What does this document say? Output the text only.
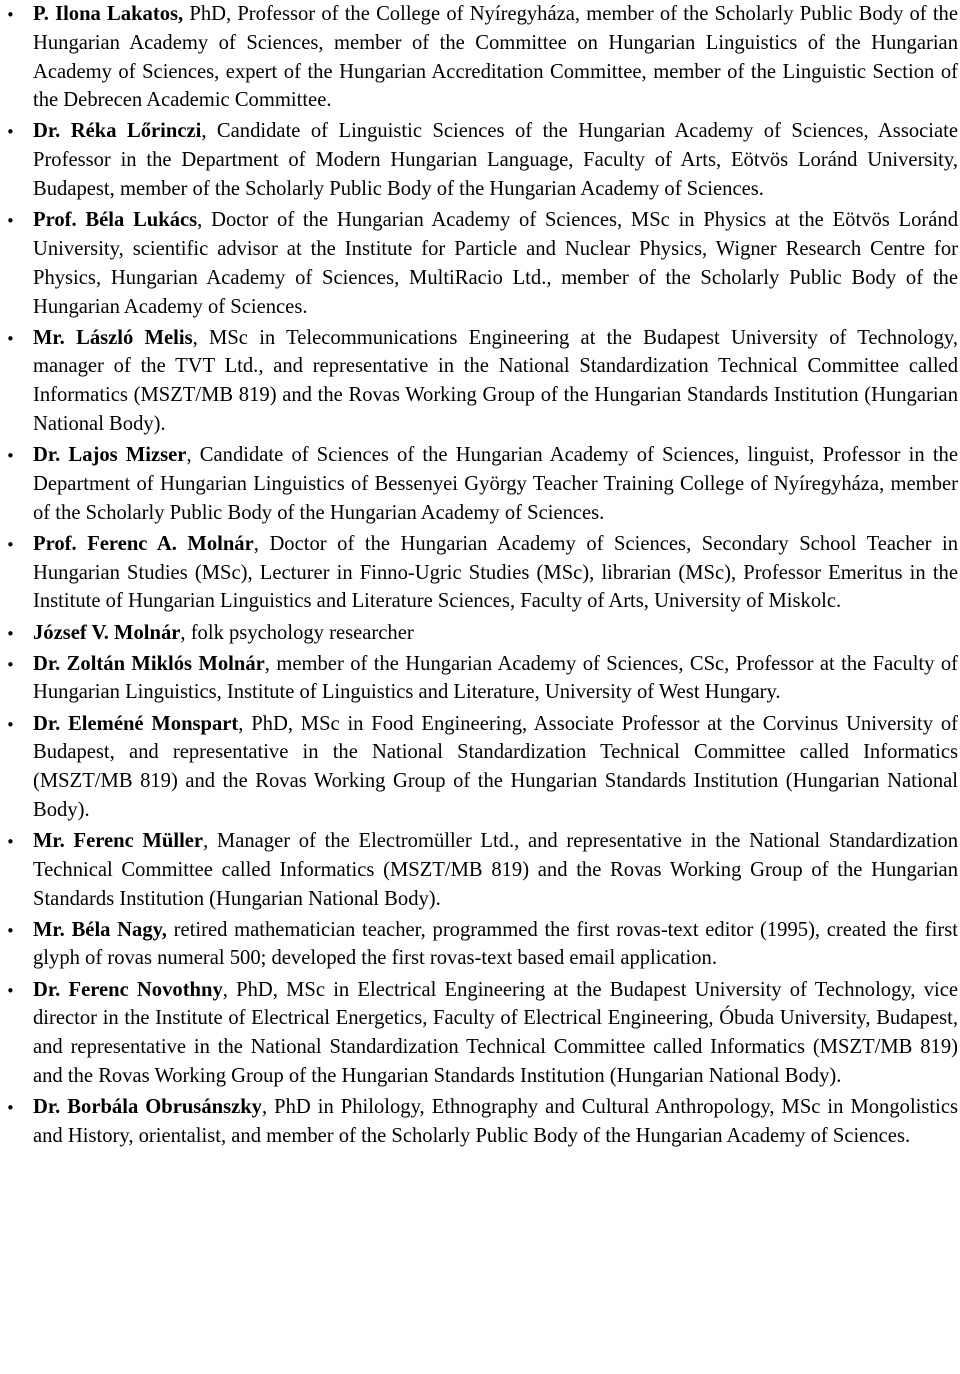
•
P. Ilona Lakatos, PhD, Professor of the College of Nyíregyháza, member of the Scholarly Public Body of the Hungarian Academy of Sciences, member of the Committee on Hungarian Linguistics of the Hungarian Academy of Sciences, expert of the Hungarian Accreditation Committee, member of the Linguistic Section of the Debrecen Academic Committee.
•
Dr. Réka Lőrinczi, Candidate of Linguistic Sciences of the Hungarian Academy of Sciences, Associate Professor in the Department of Modern Hungarian Language, Faculty of Arts, Eötvös Loránd University, Budapest, member of the Scholarly Public Body of the Hungarian Academy of Sciences.
•
Prof. Béla Lukács, Doctor of the Hungarian Academy of Sciences, MSc in Physics at the Eötvös Loránd University, scientific advisor at the Institute for Particle and Nuclear Physics, Wigner Research Centre for Physics, Hungarian Academy of Sciences, MultiRacio Ltd., member of the Scholarly Public Body of the Hungarian Academy of Sciences.
•
Mr. László Melis, MSc in Telecommunications Engineering at the Budapest University of Technology, manager of the TVT Ltd., and representative in the National Standardization Technical Committee called Informatics (MSZT/MB 819) and the Rovas Working Group of the Hungarian Standards Institution (Hungarian National Body).
•
Dr. Lajos Mizser, Candidate of Sciences of the Hungarian Academy of Sciences, linguist, Professor in the Department of Hungarian Linguistics of Bessenyei György Teacher Training College of Nyíregyháza, member of the Scholarly Public Body of the Hungarian Academy of Sciences.
•
Prof. Ferenc A. Molnár, Doctor of the Hungarian Academy of Sciences, Secondary School Teacher in Hungarian Studies (MSc), Lecturer in Finno-Ugric Studies (MSc), librarian (MSc), Professor Emeritus in the Institute of Hungarian Linguistics and Literature Sciences, Faculty of Arts, University of Miskolc.
•
József V. Molnár, folk psychology researcher
•
Dr. Zoltán Miklós Molnár, member of the Hungarian Academy of Sciences, CSc, Professor at the Faculty of Hungarian Linguistics, Institute of Linguistics and Literature, University of West Hungary.
•
Dr. Eleméné Monspart, PhD, MSc in Food Engineering, Associate Professor at the Corvinus University of Budapest, and representative in the National Standardization Technical Committee called Informatics (MSZT/MB 819) and the Rovas Working Group of the Hungarian Standards Institution (Hungarian National Body).
•
Mr. Ferenc Müller, Manager of the Electromüller Ltd., and representative in the National Standardization Technical Committee called Informatics (MSZT/MB 819) and the Rovas Working Group of the Hungarian Standards Institution (Hungarian National Body).
•
Mr. Béla Nagy, retired mathematician teacher, programmed the first rovas-text editor (1995), created the first glyph of rovas numeral 500; developed the first rovas-text based email application.
•
Dr. Ferenc Novothny, PhD, MSc in Electrical Engineering at the Budapest University of Technology, vice director in the Institute of Electrical Energetics, Faculty of Electrical Engineering, Óbuda University, Budapest, and representative in the National Standardization Technical Committee called Informatics (MSZT/MB 819) and the Rovas Working Group of the Hungarian Standards Institution (Hungarian National Body).
•
Dr. Borbála Obrusánszky, PhD in Philology, Ethnography and Cultural Anthropology, MSc in Mongolistics and History, orientalist, and member of the Scholarly Public Body of the Hungarian Academy of Sciences.
